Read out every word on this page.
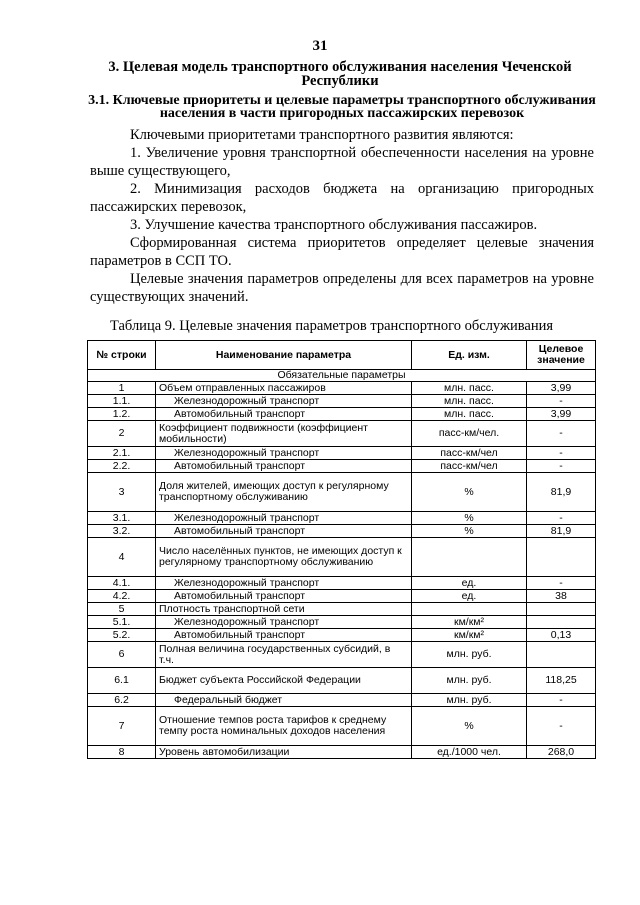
31
3. Целевая модель транспортного обслуживания населения Чеченской Республики
3.1. Ключевые приоритеты и целевые параметры транспортного обслуживания населения в части пригородных пассажирских перевозок

Ключевыми приоритетами транспортного развития являются:

1. Увеличение уровня транспортной обеспеченности населения на уровне выше существующего,

2. Минимизация расходов бюджета на организацию пригородных пассажирских перевозок,

3. Улучшение качества транспортного обслуживания пассажиров.

Сформированная система приоритетов определяет целевые значения параметров в ССП ТО.

Целевые значения параметров определены для всех параметров на уровне существующих значений.

Таблица 9. Целевые значения параметров транспортного обслуживания
№ строки	Наименование параметра	Ед. изм.	Целевое значение
Обязательные параметры			
1	Объем отправленных пассажиров	млн. пасс.	3,99
1.1.	Железнодорожный транспорт	млн. пасс.	-
1.2.	Автомобильный транспорт	млн. пасс.	3,99
2	Коэффициент подвижности (коэффициент мобильности)	пасс-км/чел.	-
2.1.	Железнодорожный транспорт	пасс-км/чел	-
2.2.	Автомобильный транспорт	пасс-км/чел	-
3	Доля жителей, имеющих доступ к регулярному транспортному обслуживанию	%	81,9
3.1.	Железнодорожный транспорт	%	-
3.2.	Автомобильный транспорт	%	81,9
4	Число населённых пунктов, не имеющих доступ к регулярному транспортному обслуживанию		
4.1.	Железнодорожный транспорт	ед.	-
4.2.	Автомобильный транспорт	ед.	38
5	Плотность транспортной сети		
5.1.	Железнодорожный транспорт	км/км²	
5.2.	Автомобильный транспорт	км/км²	0,13
6	Полная величина государственных субсидий, в т.ч.	млн. руб.	
6.1	Бюджет субъекта Российской Федерации	млн. руб.	118,25
6.2	Федеральный бюджет	млн. руб.	-
7	Отношение темпов роста тарифов к среднему темпу роста номинальных доходов населения	%	-
8	Уровень автомобилизации	ед./1000 чел.	268,0
